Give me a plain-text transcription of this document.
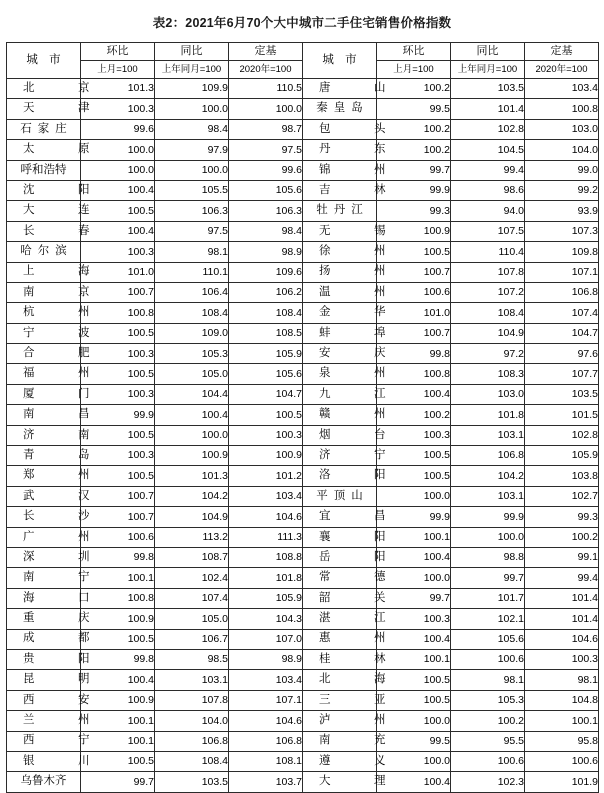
表2：2021年6月70个大中城市二手住宅销售价格指数
城 市	环比	同比	定基	城 市	环比	同比	定基
	上月=100	上年同月=100	2020年=100		上月=100	上年同月=100	2020年=100
北　京	101.3	109.9	110.5	唐　山	100.2	103.5	103.4
天　津	100.3	100.0	100.0	秦皇岛	99.5	101.4	100.8
石家庄	99.6	98.4	98.7	包　头	100.2	102.8	103.0
太　原	100.0	97.9	97.5	丹　东	100.2	104.5	104.0
呼和浩特	100.0	100.0	99.6	锦　州	99.7	99.4	99.0
沈　阳	100.4	105.5	105.6	吉　林	99.9	98.6	99.2
大　连	100.5	106.3	106.3	牡丹江	99.3	94.0	93.9
长　春	100.4	97.5	98.4	无　锡	100.9	107.5	107.3
哈尔滨	100.3	98.1	98.9	徐　州	100.5	110.4	109.8
上　海	101.0	110.1	109.6	扬　州	100.7	107.8	107.1
南　京	100.7	106.4	106.2	温　州	100.6	107.2	106.8
杭　州	100.8	108.4	108.4	金　华	101.0	108.4	107.4
宁　波	100.5	109.0	108.5	蚌　埠	100.7	104.9	104.7
合　肥	100.3	105.3	105.9	安　庆	99.8	97.2	97.6
福　州	100.5	105.0	105.6	泉　州	100.8	108.3	107.7
厦　门	100.3	104.4	104.7	九　江	100.4	103.0	103.5
南　昌	99.9	100.4	100.5	赣　州	100.2	101.8	101.5
济　南	100.5	100.0	100.3	烟　台	100.3	103.1	102.8
青　岛	100.3	100.9	100.9	济　宁	100.5	106.8	105.9
郑　州	100.5	101.3	101.2	洛　阳	100.5	104.2	103.8
武　汉	100.7	104.2	103.4	平顶山	100.0	103.1	102.7
长　沙	100.7	104.9	104.6	宜　昌	99.9	99.9	99.3
广　州	100.6	113.2	111.3	襄　阳	100.1	100.0	100.2
深　圳	99.8	108.7	108.8	岳　阳	100.4	98.8	99.1
南　宁	100.1	102.4	101.8	常　德	100.0	99.7	99.4
海　口	100.8	107.4	105.9	韶　关	99.7	101.7	101.4
重　庆	100.9	105.0	104.3	湛　江	100.3	102.1	101.4
成　都	100.5	106.7	107.0	惠　州	100.4	105.6	104.6
贵　阳	99.8	98.5	98.9	桂　林	100.1	100.6	100.3
昆　明	100.4	103.1	103.4	北　海	100.5	98.1	98.1
西　安	100.9	107.8	107.1	三　亚	100.5	105.3	104.8
兰　州	100.1	104.0	104.6	泸　州	100.0	100.2	100.1
西　宁	100.1	106.8	106.8	南　充	99.5	95.5	95.8
银　川	100.5	108.4	108.1	遵　义	100.0	100.6	100.6
乌鲁木齐	99.7	103.5	103.7	大　理	100.4	102.3	101.9
